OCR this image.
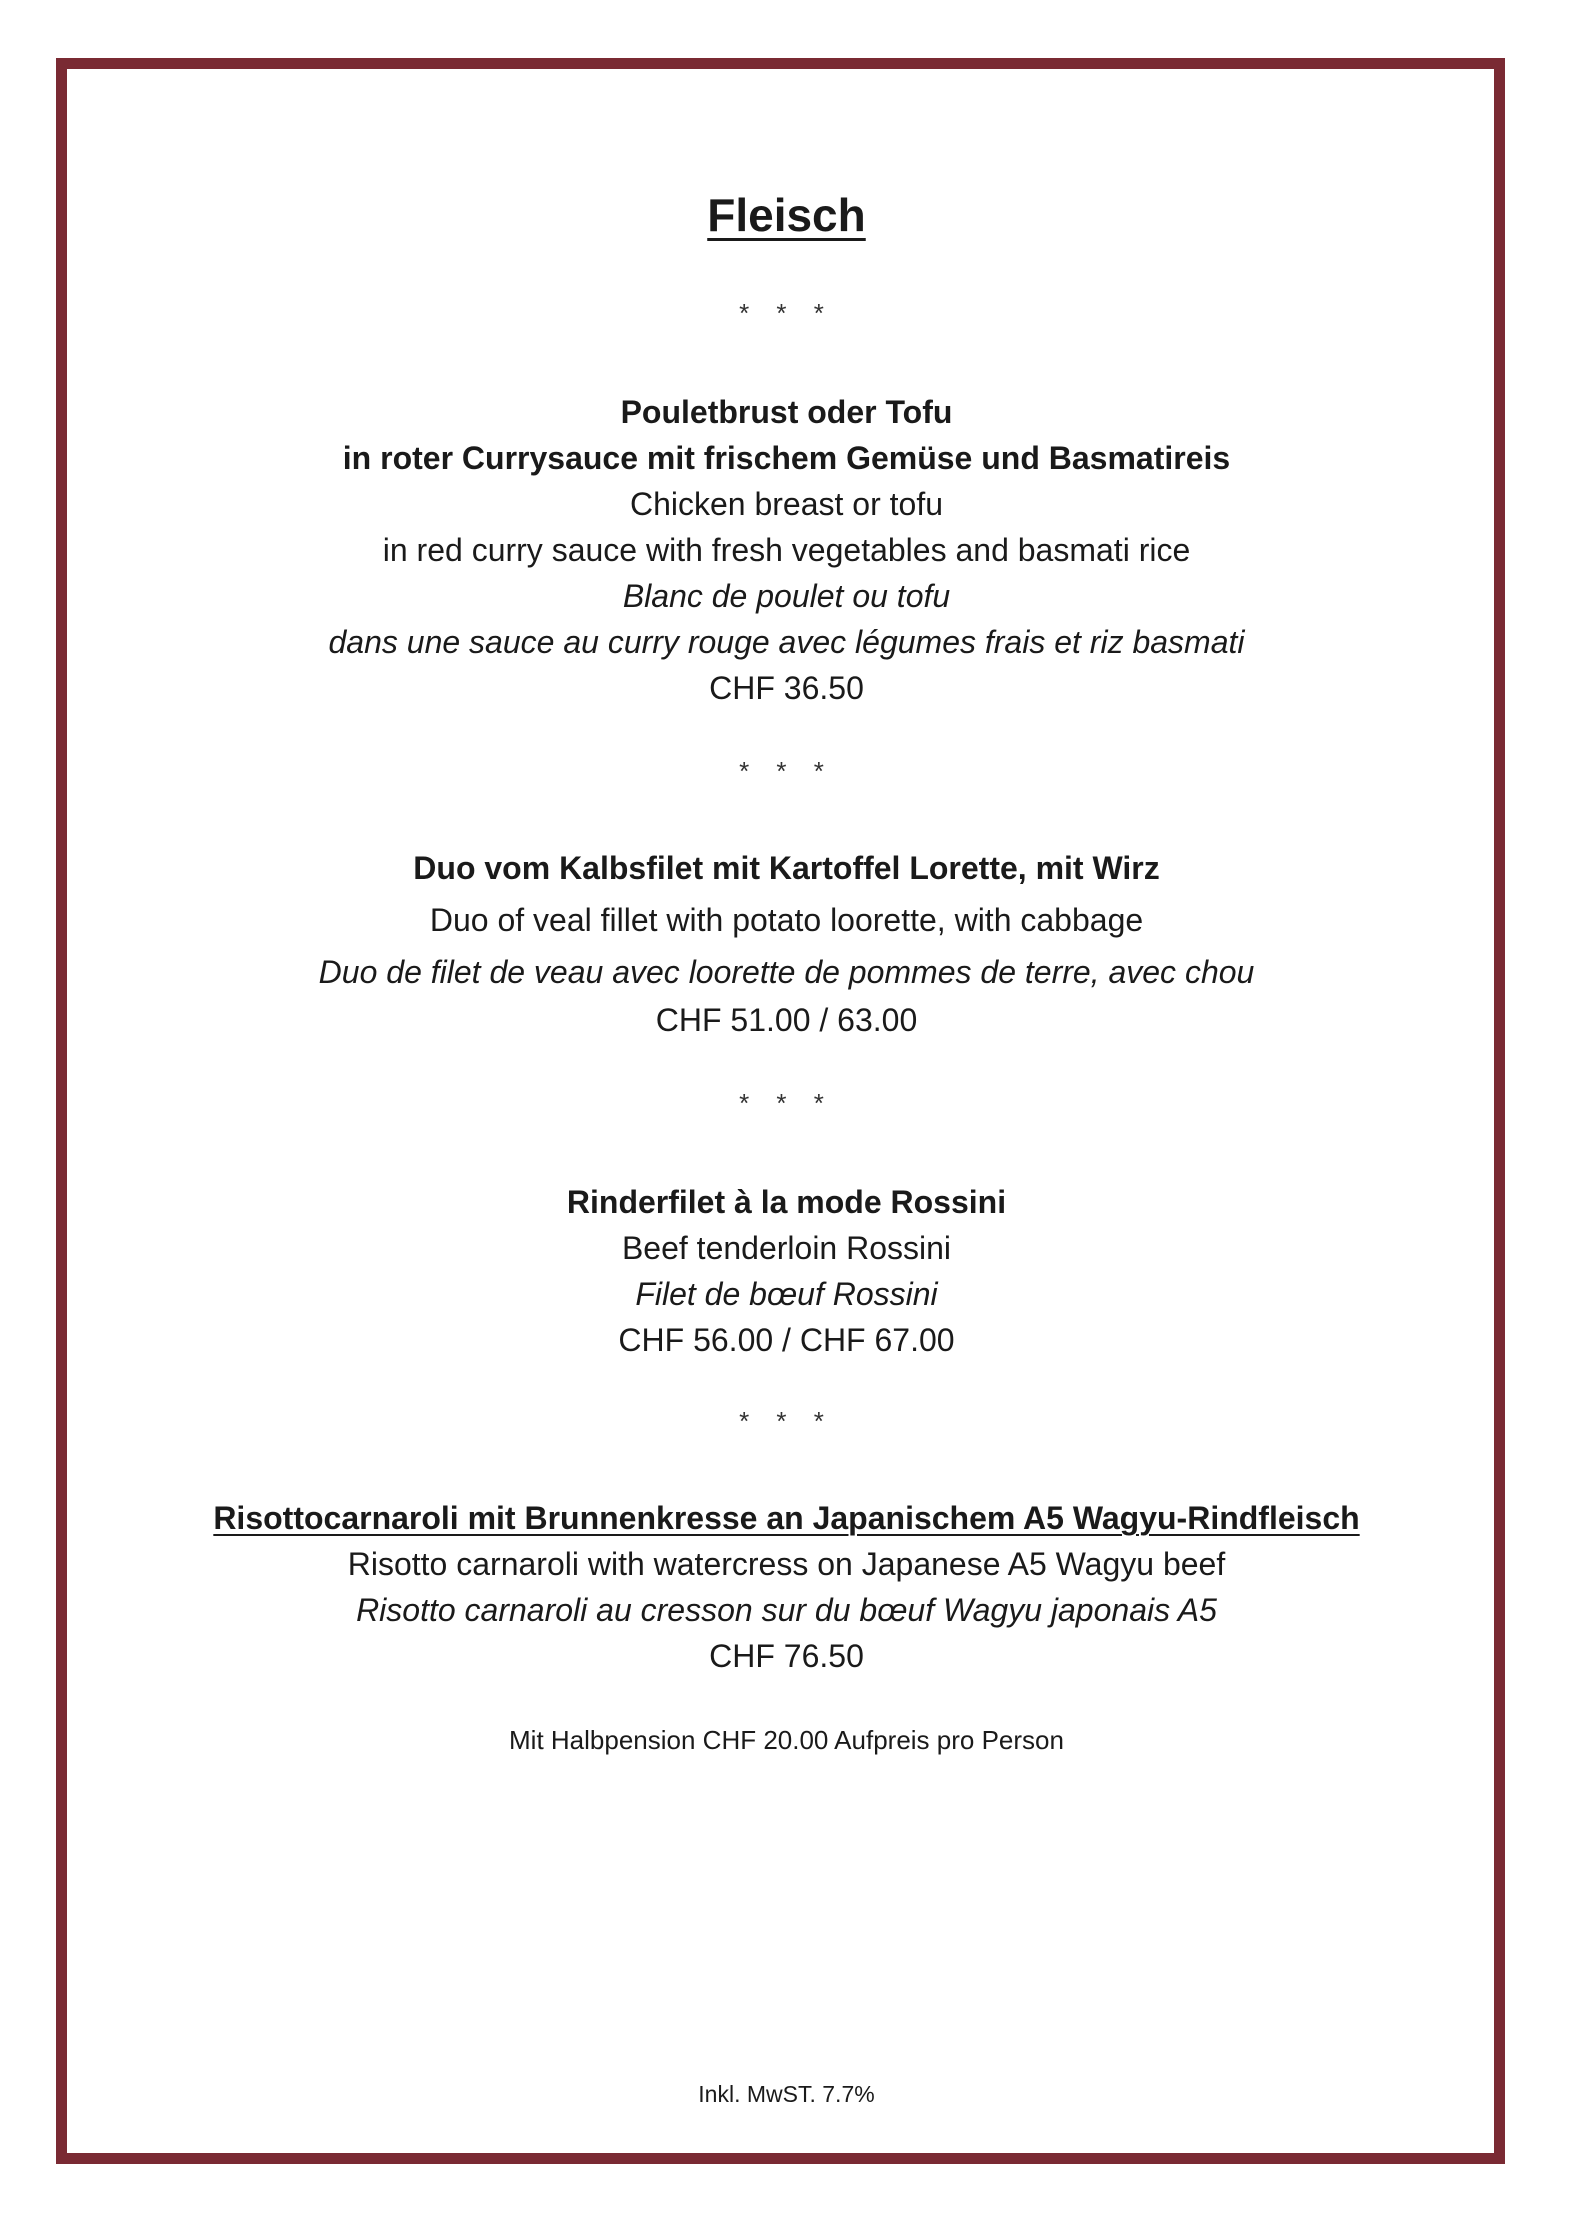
Fleisch
* * *
Pouletbrust oder Tofu
in roter Currysauce mit frischem Gemüse und Basmatireis
Chicken breast or tofu
in red curry sauce with fresh vegetables and basmati rice
Blanc de poulet ou tofu
dans une sauce au curry rouge avec légumes frais et riz basmati
CHF 36.50
* * *
Duo vom Kalbsfilet mit Kartoffel Lorette, mit Wirz
Duo of veal fillet with potato loorette, with cabbage
Duo de filet de veau avec loorette de pommes de terre, avec chou
CHF 51.00 / 63.00
* * *
Rinderfilet à la mode Rossini
Beef tenderloin Rossini
Filet de bœuf Rossini
CHF 56.00 / CHF 67.00
* * *
Risottocarnaroli mit Brunnenkresse an Japanischem A5 Wagyu-Rindfleisch
Risotto carnaroli with watercress on Japanese A5 Wagyu beef
Risotto carnaroli au cresson sur du bœuf Wagyu japonais A5
CHF 76.50
Mit Halbpension CHF 20.00 Aufpreis pro Person
Inkl. MwST. 7.7%
